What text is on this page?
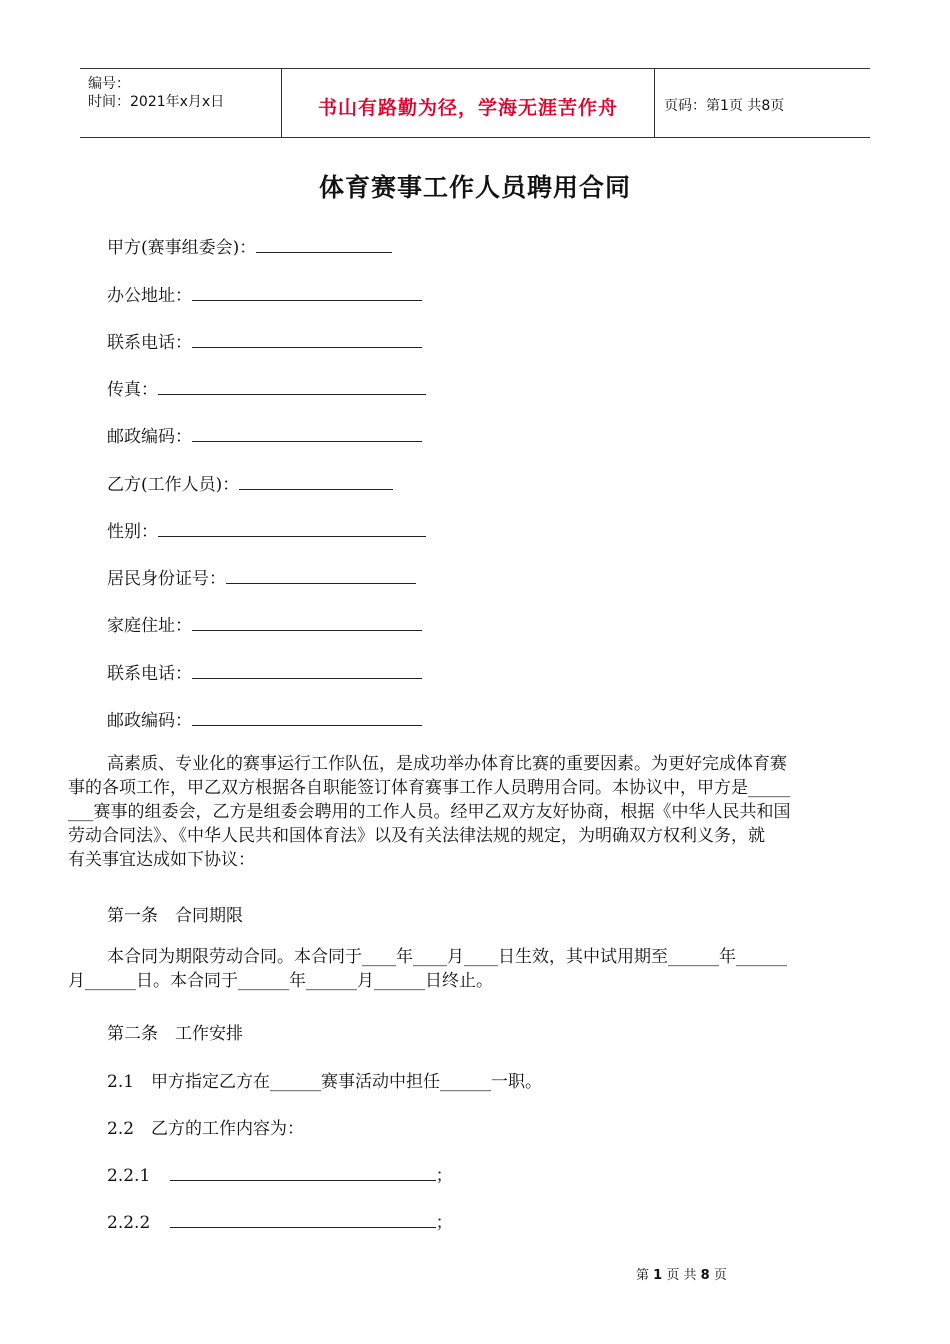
编号：
时间：2021年x月x日	书山有路勤为径，学海无涯苦作舟	页码：第1页 共8页
体育赛事工作人员聘用合同
甲方(赛事组委会)：
办公地址：
联系电话：
传真：
邮政编码：
乙方(工作人员)：
性别：
居民身份证号：
家庭住址：
联系电话：
邮政编码：
高素质、专业化的赛事运行工作队伍，是成功举办体育比赛的重要因素。为更好完成体育赛
事的各项工作，甲乙双方根据各自职能签订体育赛事工作人员聘用合同。本协议中，甲方是_____
___赛事的组委会，乙方是组委会聘用的工作人员。经甲乙双方友好协商，根据《中华人民共和国
劳动合同法》、《中华人民共和国体育法》以及有关法律法规的规定，为明确双方权利义务，就
有关事宜达成如下协议：
第一条　合同期限
本合同为期限劳动合同。本合同于____年____月____日生效，其中试用期至______年______
月______日。本合同于______年______月______日终止。
第二条　工作安排
2.1　甲方指定乙方在______赛事活动中担任______一职。
2.2　乙方的工作内容为：
2.2.1	；
2.2.2	；
第 1 页 共 8 页
